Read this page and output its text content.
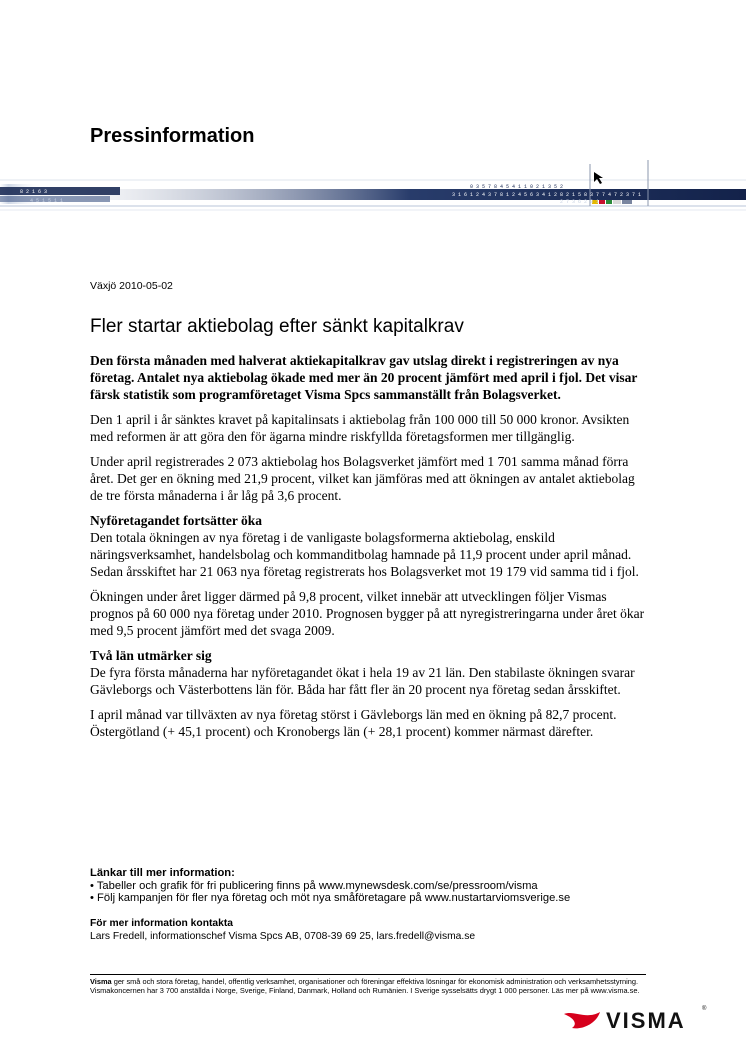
Pressinformation
8 2 1 6 3
4 5 1 5 1 1
0 3 5 7 8 4 5 4 1 1 0 2 1 3 5 2
3 1 6 1 2 4 3 7 8 1 2 4 5 6 3 4 1 2 8 2 1 5 8 3 7 7 4 7 2 3 7 1
2 7 3 6 2 3 1
Växjö 2010-05-02
Fler startar aktiebolag efter sänkt kapitalkrav

Den första månaden med halverat aktiekapitalkrav gav utslag direkt i registreringen av nya företag. Antalet nya aktiebolag ökade med mer än 20 procent jämfört med april i fjol. Det visar färsk statistik som programföretaget Visma Spcs sammanställt från Bolagsverket.

Den 1 april i år sänktes kravet på kapitalinsats i aktiebolag från 100 000 till 50 000 kronor. Avsikten med reformen är att göra den för ägarna mindre riskfyllda företagsformen mer tillgänglig.

Under april registrerades 2 073 aktiebolag hos Bolagsverket jämfört med 1 701 samma månad förra året. Det ger en ökning med 21,9 procent, vilket kan jämföras med att ökningen av antalet aktiebolag de tre första månaderna i år låg på 3,6 procent.

Nyföretagandet fortsätter öka

Den totala ökningen av nya företag i de vanligaste bolagsformerna aktiebolag, enskild näringsverksamhet, handelsbolag och kommanditbolag hamnade på 11,9 procent under april månad. Sedan årsskiftet har 21 063 nya företag registrerats hos Bolagsverket mot 19 179 vid samma tid i fjol.

Ökningen under året ligger därmed på 9,8 procent, vilket innebär att utvecklingen följer Vismas prognos på 60 000 nya företag under 2010. Prognosen bygger på att nyregistreringarna under året ökar med 9,5 procent jämfört med det svaga 2009.

Två län utmärker sig

De fyra första månaderna har nyföretagandet ökat i hela 19 av 21 län. Den stabilaste ökningen svarar Gävleborgs och Västerbottens län för. Båda har fått fler än 20 procent nya företag sedan årsskiftet.

I april månad var tillväxten av nya företag störst i Gävleborgs län med en ökning på 82,7 procent. Östergötland (+ 45,1 procent) och Kronobergs län (+ 28,1 procent) kommer närmast därefter.

Länkar till mer information:
• Tabeller och grafik för fri publicering finns på www.mynewsdesk.com/se/pressroom/visma
• Följ kampanjen för fler nya företag och möt nya småföretagare på www.nustartarviomsverige.se
För mer information kontakta
Lars Fredell, informationschef Visma Spcs AB, 0708-39 69 25, lars.fredell@visma.se
Visma ger små och stora företag, handel, offentlig verksamhet, organisationer och föreningar effektiva lösningar för ekonomisk administration och verksamhetsstyrning. Vismakoncernen har 3 700 anställda i Norge, Sverige, Finland, Danmark, Holland och Rumänien. I Sverige sysselsätts drygt 1 000 personer. Läs mer på www.visma.se.
VISMA	®
